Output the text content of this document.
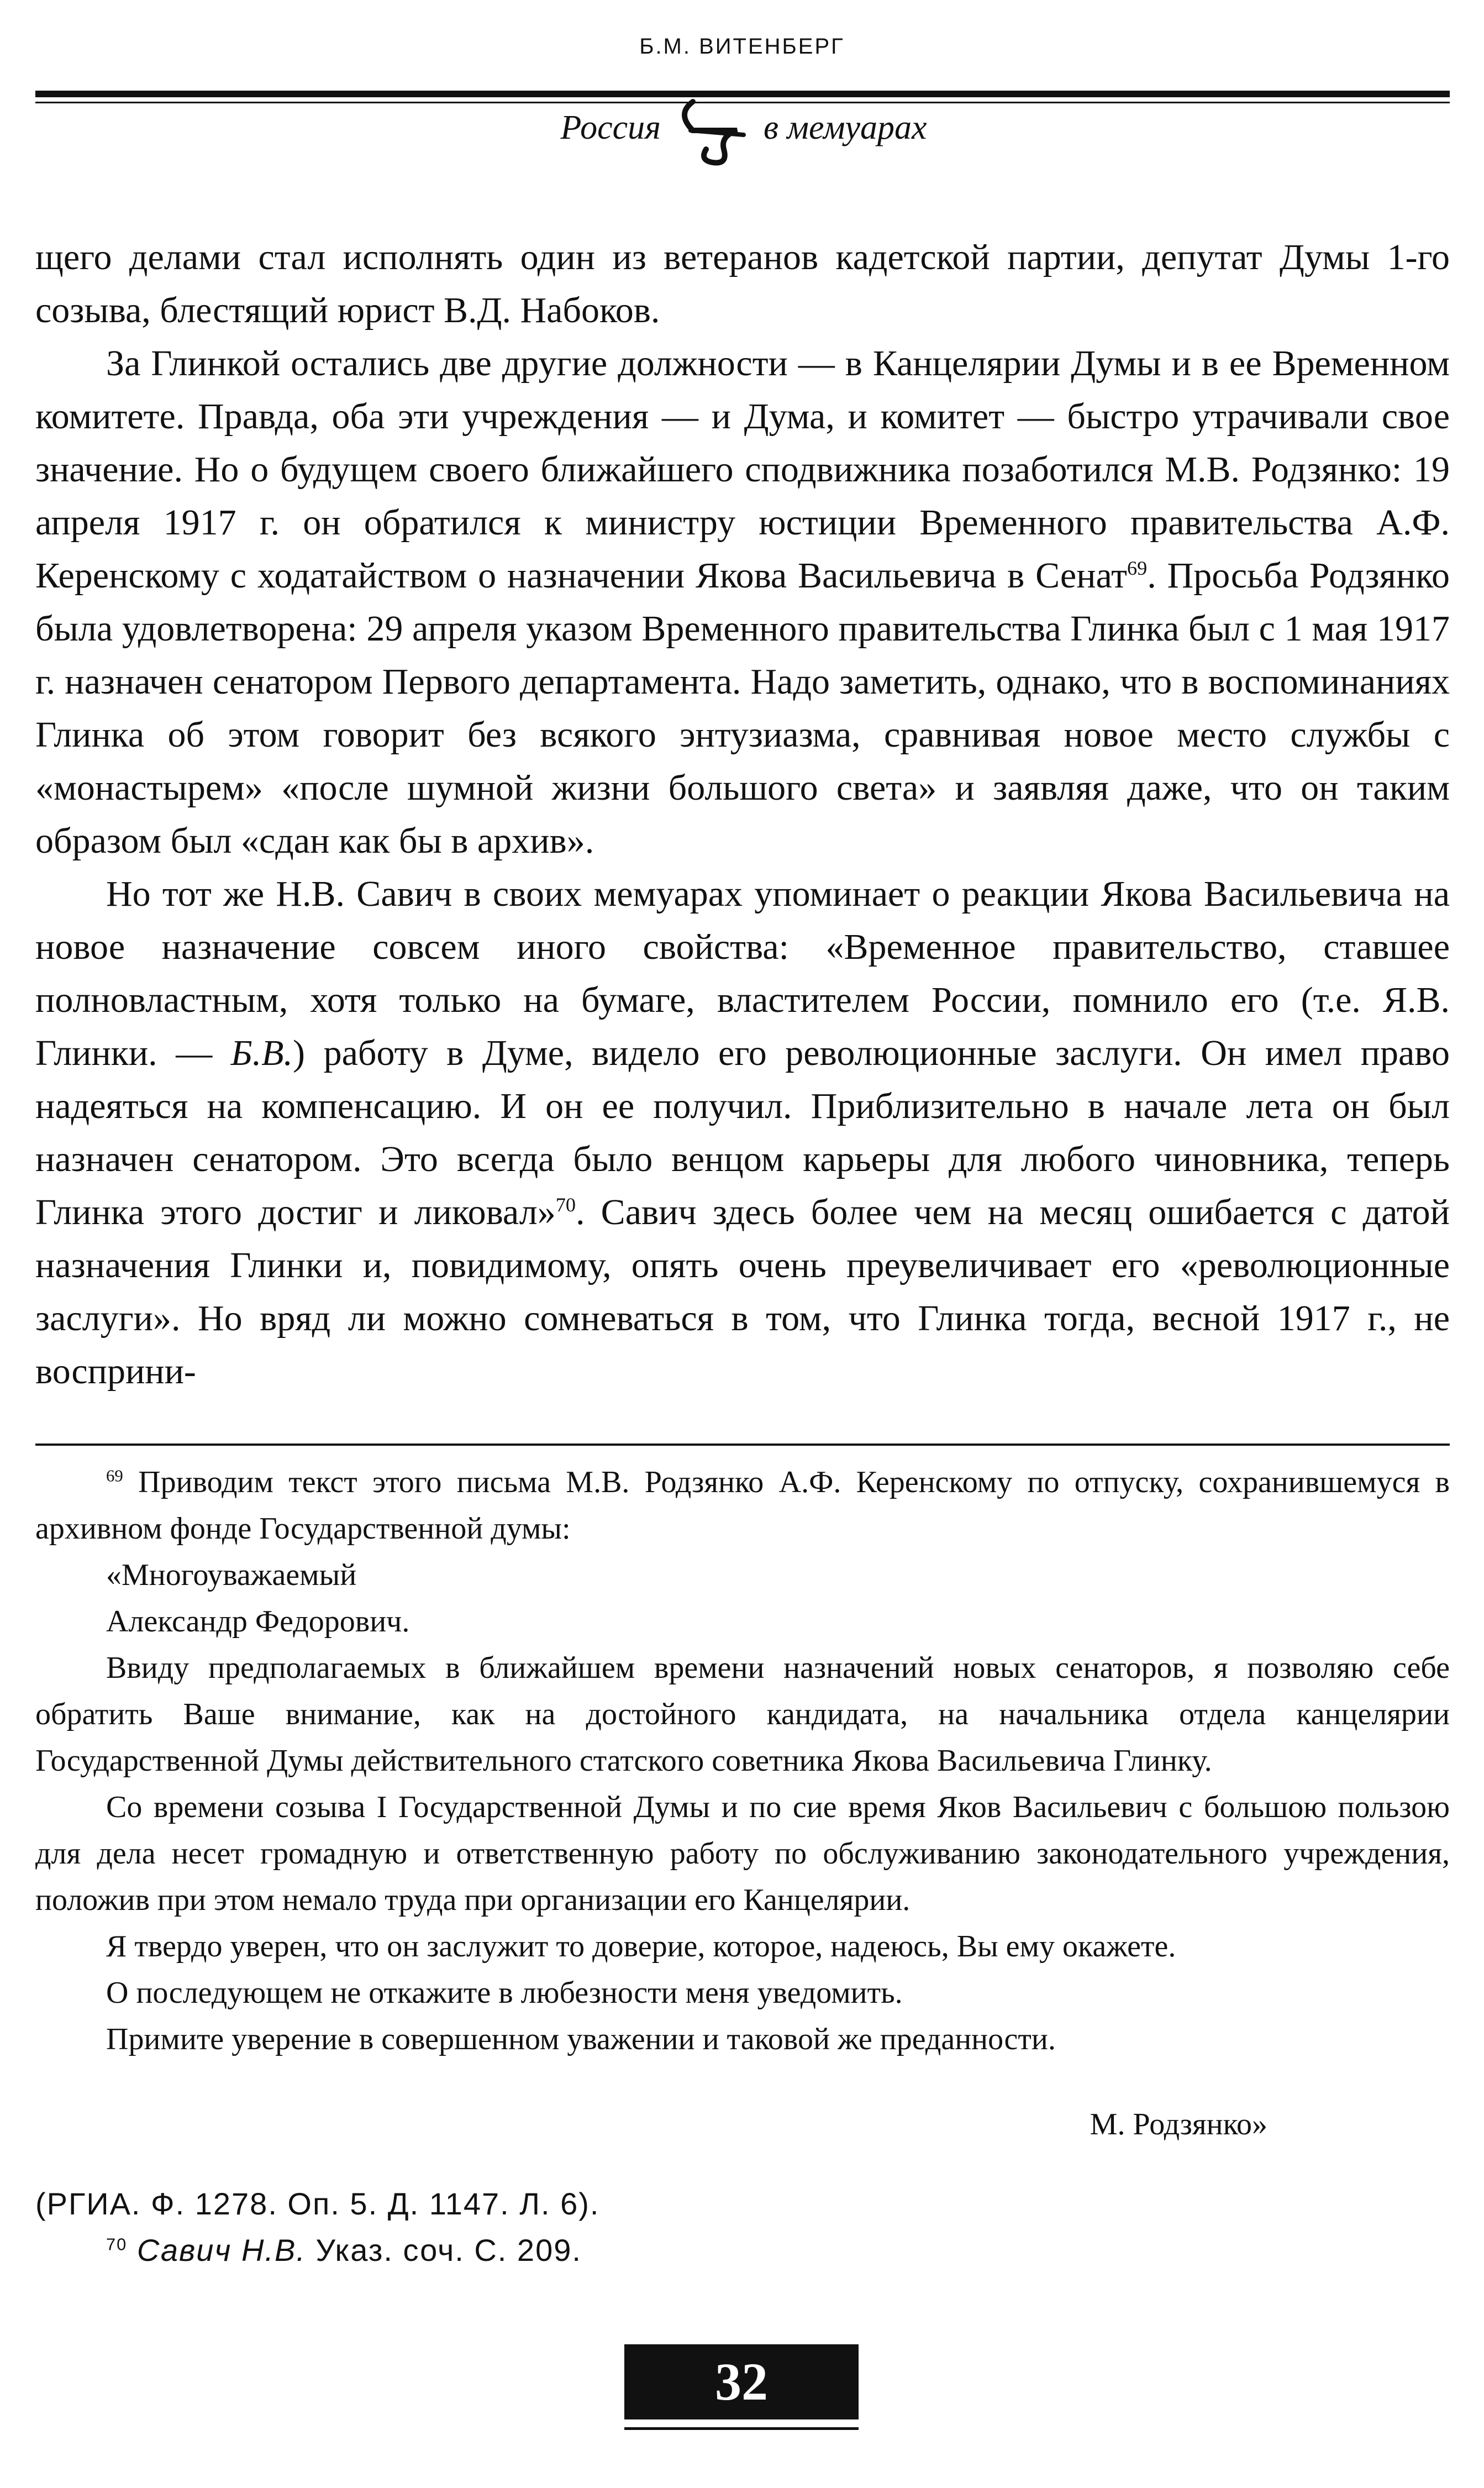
Б.М. ВИТЕНБЕРГ
Россия	в мемуарах

щего делами стал исполнять один из ветеранов кадетской партии, депутат Думы 1-го созыва, блестящий юрист В.Д. Набоков.

За Глинкой остались две другие должности — в Канцелярии Думы и в ее Временном комитете. Правда, оба эти учреждения — и Дума, и комитет — быстро утрачивали свое значение. Но о будущем своего ближайшего сподвижника позаботился М.В. Родзянко: 19 апреля 1917 г. он обратился к министру юстиции Временного правительства А.Ф. Керенскому с ходатайством о назначении Якова Васильевича в Сенат$^{69}$. Просьба Родзянко была удовлетворена: 29 апреля указом Временного правительства Глинка был с 1 мая 1917 г. назначен сенатором Первого департамента. Надо заметить, однако, что в воспоминаниях Глинка об этом говорит без всякого энтузиазма, сравнивая новое место службы с «монастырем» «после шумной жизни большого света» и заявляя даже, что он таким образом был «сдан как бы в архив».

Но тот же Н.В. Савич в своих мемуарах упоминает о реакции Якова Васильевича на новое назначение совсем иного свойства: «Временное правительство, ставшее полновластным, хотя только на бумаге, властителем России, помнило его (т.е. Я.В. Глинки. — Б.В.) работу в Думе, видело его революционные заслуги. Он имел право надеяться на компенсацию. И он ее получил. Приблизительно в начале лета он был назначен сенатором. Это всегда было венцом карьеры для любого чиновника, теперь Глинка этого достиг и ликовал»$^{70}$. Савич здесь более чем на месяц ошибается с датой назначения Глинки и, повидимому, опять очень преувеличивает его «революционные заслуги». Но вряд ли можно сомневаться в том, что Глинка тогда, весной 1917 г., не восприни-

$^{69}$ Приводим текст этого письма М.В. Родзянко А.Ф. Керенскому по отпуску, сохранившемуся в архивном фонде Государственной думы:

«Многоуважаемый

Александр Федорович.

Ввиду предполагаемых в ближайшем времени назначений новых сенаторов, я позволяю себе обратить Ваше внимание, как на достойного кандидата, на начальника отдела канцелярии Государственной Думы действительного статского советника Якова Васильевича Глинку.

Со времени созыва I Государственной Думы и по сие время Яков Васильевич с большою пользою для дела несет громадную и ответственную работу по обслуживанию законодательного учреждения, положив при этом немало труда при организации его Канцелярии.

Я твердо уверен, что он заслужит то доверие, которое, надеюсь, Вы ему окажете.

О последующем не откажите в любезности меня уведомить.

Примите уверение в совершенном уважении и таковой же преданности.

М. Родзянко»

(РГИА. Ф. 1278. Оп. 5. Д. 1147. Л. 6).

$^{70}$ Савич Н.В. Указ. соч. С. 209.

32
